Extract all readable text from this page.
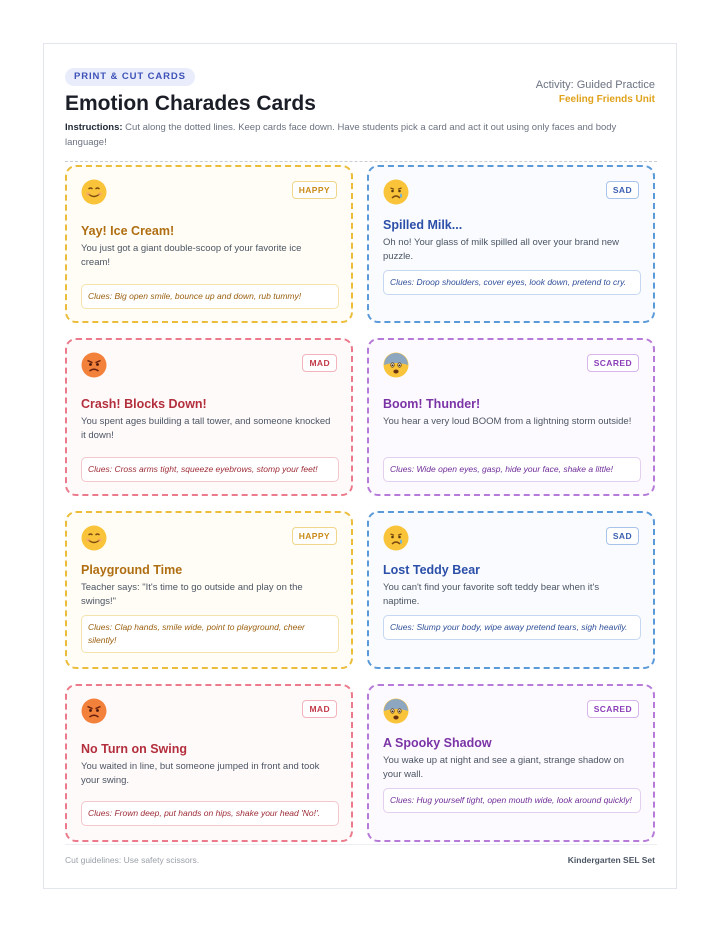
PRINT & CUT CARDS
Emotion Charades Cards
Activity: Guided Practice
Feeling Friends Unit
Instructions: Cut along the dotted lines. Keep cards face down. Have students pick a card and act it out using only faces and body language!
HAPPY
Yay! Ice Cream!
You just got a giant double-scoop of your favorite ice cream!
Clues: Big open smile, bounce up and down, rub tummy!
SAD
Spilled Milk...
Oh no! Your glass of milk spilled all over your brand new puzzle.
Clues: Droop shoulders, cover eyes, look down, pretend to cry.
MAD
Crash! Blocks Down!
You spent ages building a tall tower, and someone knocked it down!
Clues: Cross arms tight, squeeze eyebrows, stomp your feet!
SCARED
Boom! Thunder!
You hear a very loud BOOM from a lightning storm outside!
Clues: Wide open eyes, gasp, hide your face, shake a little!
HAPPY
Playground Time
Teacher says: "It's time to go outside and play on the swings!"
Clues: Clap hands, smile wide, point to playground, cheer silently!
SAD
Lost Teddy Bear
You can't find your favorite soft teddy bear when it's naptime.
Clues: Slump your body, wipe away pretend tears, sigh heavily.
MAD
No Turn on Swing
You waited in line, but someone jumped in front and took your swing.
Clues: Frown deep, put hands on hips, shake your head 'No!'.
SCARED
A Spooky Shadow
You wake up at night and see a giant, strange shadow on your wall.
Clues: Hug yourself tight, open mouth wide, look around quickly!
Cut guidelines: Use safety scissors.	Kindergarten SEL Set
